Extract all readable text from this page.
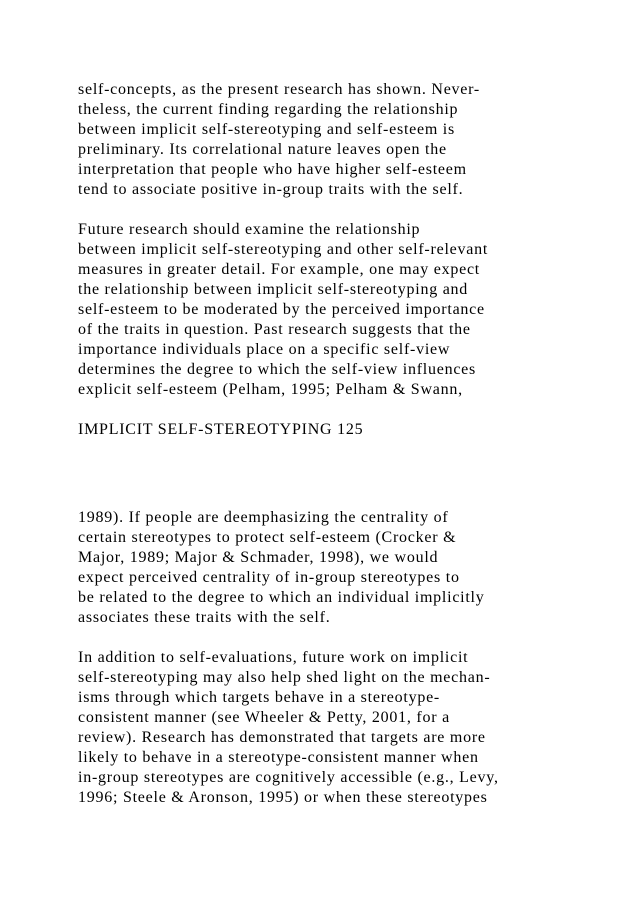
self-concepts, as the present research has shown. Never-

theless, the current finding regarding the relationship

between implicit self-stereotyping and self-esteem is

preliminary. Its correlational nature leaves open the

interpretation that people who have higher self-esteem

tend to associate positive in-group traits with the self.

Future research should examine the relationship

between implicit self-stereotyping and other self-relevant

measures in greater detail. For example, one may expect

the relationship between implicit self-stereotyping and

self-esteem to be moderated by the perceived importance

of the traits in question. Past research suggests that the

importance individuals place on a specific self-view

determines the degree to which the self-view influences

explicit self-esteem (Pelham, 1995; Pelham & Swann,

IMPLICIT SELF-STEREOTYPING 125

1989). If people are deemphasizing the centrality of

certain stereotypes to protect self-esteem (Crocker &

Major, 1989; Major & Schmader, 1998), we would

expect perceived centrality of in-group stereotypes to

be related to the degree to which an individual implicitly

associates these traits with the self.

In addition to self-evaluations, future work on implicit

self-stereotyping may also help shed light on the mechan-

isms through which targets behave in a stereotype-

consistent manner (see Wheeler & Petty, 2001, for a

review). Research has demonstrated that targets are more

likely to behave in a stereotype-consistent manner when

in-group stereotypes are cognitively accessible (e.g., Levy,

1996; Steele & Aronson, 1995) or when these stereotypes
